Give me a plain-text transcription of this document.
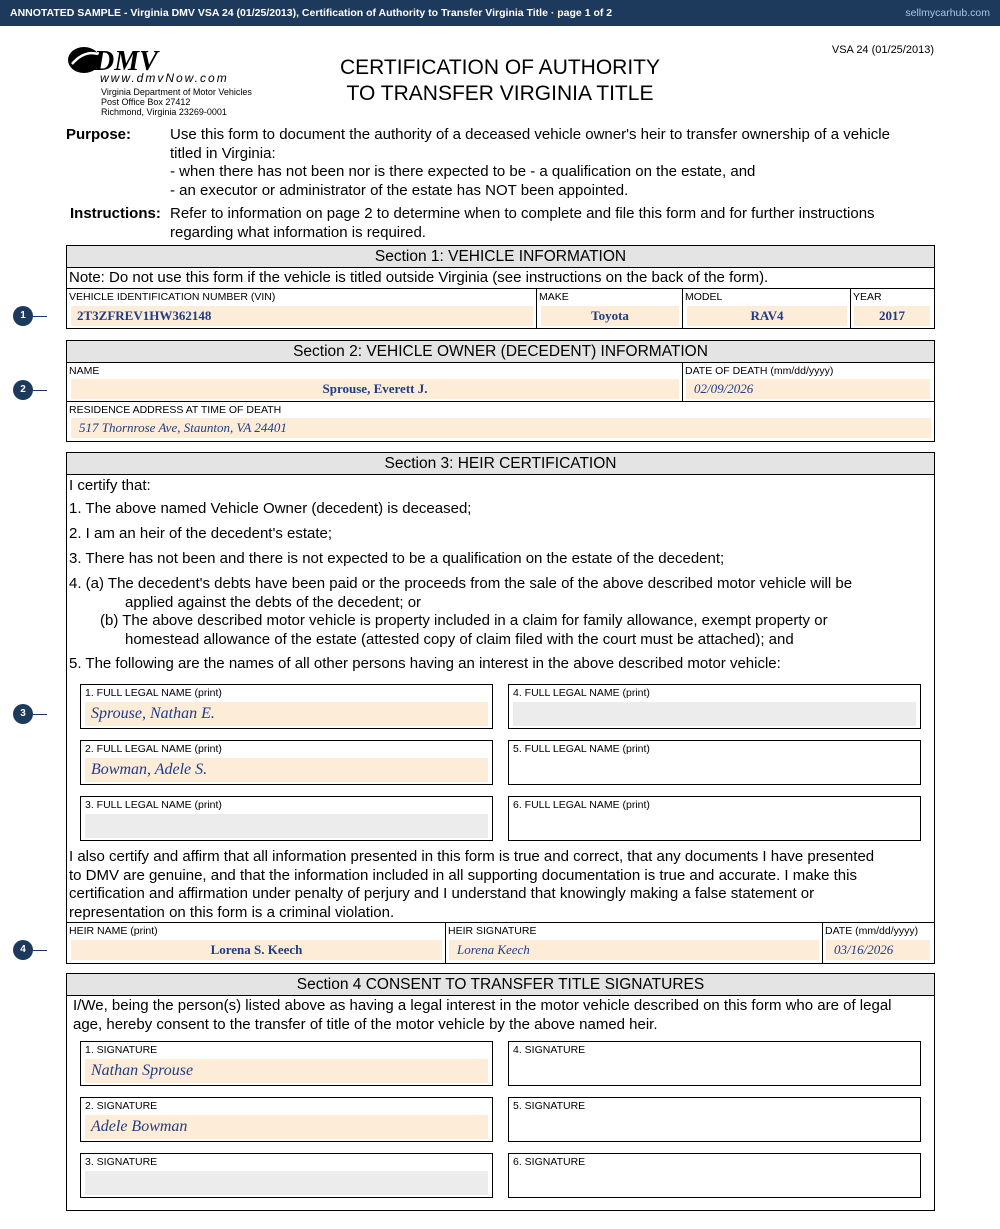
ANNOTATED SAMPLE - Virginia DMV VSA 24 (01/25/2013), Certification of Authority to Transfer Virginia Title · page 1 of 2	sellmycarhub.com
DMV
www.dmvNow.com
Virginia Department of Motor Vehicles
Post Office Box 27412
Richmond, Virginia 23269-0001
VSA 24 (01/25/2013)
CERTIFICATION OF AUTHORITY
TO TRANSFER VIRGINIA TITLE
Purpose:	Use this form to document the authority of a deceased vehicle owner's heir to transfer ownership of a vehicle
titled in Virginia:
- when there has not been nor is there expected to be - a qualification on the estate, and
- an executor or administrator of the estate has NOT been appointed.
Instructions: Refer to information on page 2 to determine when to complete and file this form and for further instructions
regarding what information is required.
Section 1: VEHICLE INFORMATION
Note: Do not use this form if the vehicle is titled outside Virginia (see instructions on the back of the form).
VEHICLE IDENTIFICATION NUMBER (VIN)
2T3ZFREV1HW362148
MAKE
Toyota
MODEL
RAV4
YEAR
2017
1
Section 2: VEHICLE OWNER (DECEDENT) INFORMATION
NAME
Sprouse, Everett J.
DATE OF DEATH (mm/dd/yyyy)
02/09/2026
RESIDENCE ADDRESS AT TIME OF DEATH
517 Thornrose Ave, Staunton, VA 24401
2
Section 3: HEIR CERTIFICATION
I certify that:
1. The above named Vehicle Owner (decedent) is deceased;
2. I am an heir of the decedent's estate;
3. There has not been and there is not expected to be a qualification on the estate of the decedent;
4. (a) The decedent's debts have been paid or the proceeds from the sale of the above described motor vehicle will be
applied against the debts of the decedent; or
(b) The above described motor vehicle is property included in a claim for family allowance, exempt property or
homestead allowance of the estate (attested copy of claim filed with the court must be attached); and
5. The following are the names of all other persons having an interest in the above described motor vehicle:
1. FULL LEGAL NAME (print)
Sprouse, Nathan E.
2. FULL LEGAL NAME (print)
Bowman, Adele S.
3. FULL LEGAL NAME (print)
4. FULL LEGAL NAME (print)
5. FULL LEGAL NAME (print)
6. FULL LEGAL NAME (print)
I also certify and affirm that all information presented in this form is true and correct, that any documents I have presented
to DMV are genuine, and that the information included in all supporting documentation is true and accurate. I make this
certification and affirmation under penalty of perjury and I understand that knowingly making a false statement or
representation on this form is a criminal violation.
HEIR NAME (print)
Lorena S. Keech
HEIR SIGNATURE
Lorena Keech
DATE (mm/dd/yyyy)
03/16/2026
3
4
Section 4 CONSENT TO TRANSFER TITLE SIGNATURES
I/We, being the person(s) listed above as having a legal interest in the motor vehicle described on this form who are of legal
age, hereby consent to the transfer of title of the motor vehicle by the above named heir.
1. SIGNATURE
Nathan Sprouse
2. SIGNATURE
Adele Bowman
3. SIGNATURE
4. SIGNATURE
5. SIGNATURE
6. SIGNATURE
